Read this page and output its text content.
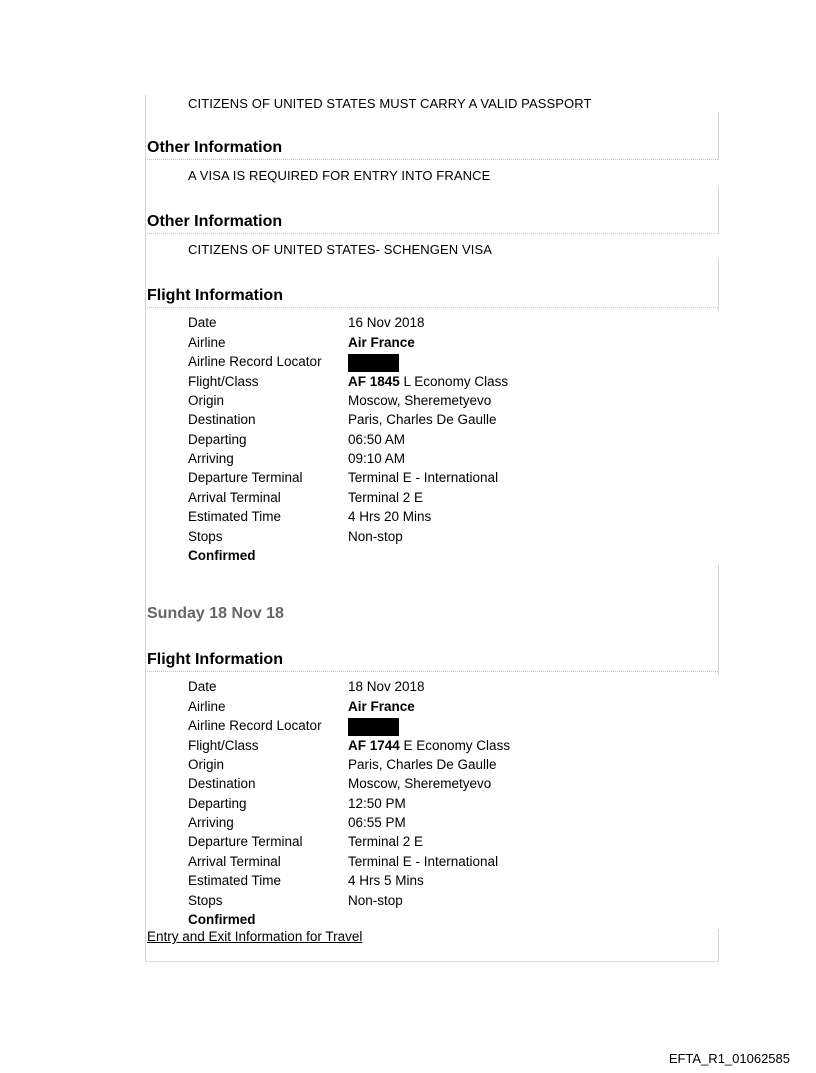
CITIZENS OF UNITED STATES MUST CARRY A VALID PASSPORT
Other Information
A VISA IS REQUIRED FOR ENTRY INTO FRANCE
Other Information
CITIZENS OF UNITED STATES- SCHENGEN VISA
Flight Information
Date	16 Nov 2018
Airline	Air France
Airline Record Locator
Flight/Class	AF 1845 L Economy Class
Origin	Moscow, Sheremetyevo
Destination	Paris, Charles De Gaulle
Departing	06:50 AM
Arriving	09:10 AM
Departure Terminal	Terminal E - International
Arrival Terminal	Terminal 2 E
Estimated Time	4 Hrs 20 Mins
Stops	Non-stop
Confirmed
Sunday 18 Nov 18
Flight Information
Date	18 Nov 2018
Airline	Air France
Airline Record Locator
Flight/Class	AF 1744 E Economy Class
Origin	Paris, Charles De Gaulle
Destination	Moscow, Sheremetyevo
Departing	12:50 PM
Arriving	06:55 PM
Departure Terminal	Terminal 2 E
Arrival Terminal	Terminal E - International
Estimated Time	4 Hrs 5 Mins
Stops	Non-stop
Confirmed
Entry and Exit Information for Travel
EFTA_R1_01062585
